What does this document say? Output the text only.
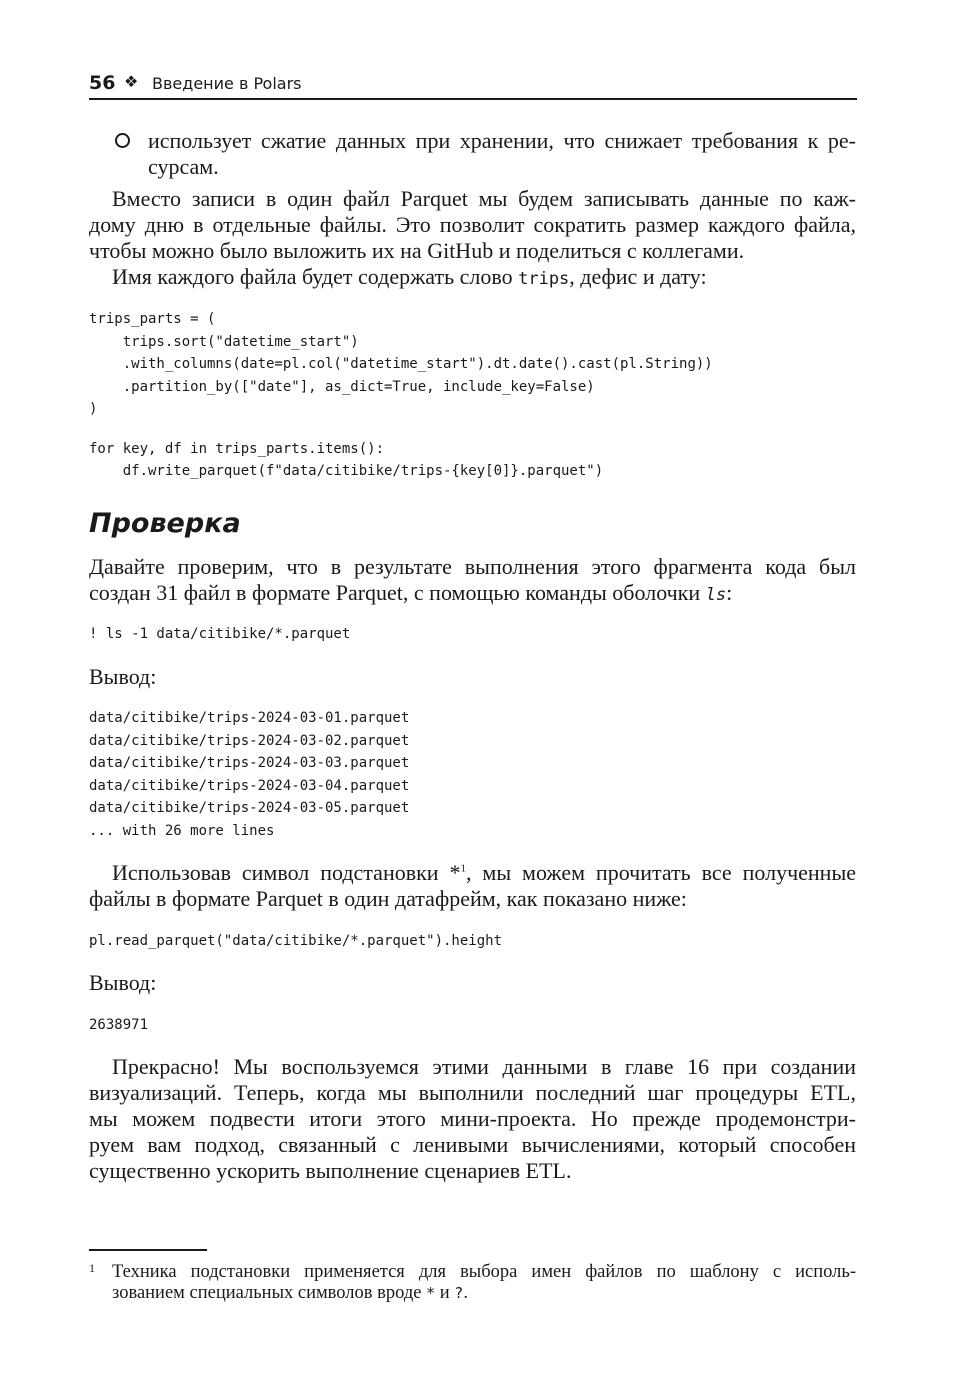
56 ❖ Введение в Polars
использует сжатие данных при хранении, что снижает требования к ре-
сурсам.
Вместо записи в один файл Parquet мы будем записывать данные по каж-
дому дню в отдельные файлы. Это позволит сократить размер каждого файла,
чтобы можно было выложить их на GitHub и поделиться с коллегами.
Имя каждого файла будет содержать слово trips, дефис и дату:
trips_parts = (
trips.sort("datetime_start")
.with_columns(date=pl.col("datetime_start").dt.date().cast(pl.String))
.partition_by(["date"], as_dict=True, include_key=False)
)
for key, df in trips_parts.items():
df.write_parquet(f"data/citibike/trips-{key[0]}.parquet")
Проверка
Давайте проверим, что в результате выполнения этого фрагмента кода был
создан 31 файл в формате Parquet, с помощью команды оболочки ls:
! ls -1 data/citibike/*.parquet
Вывод:
data/citibike/trips-2024-03-01.parquet
data/citibike/trips-2024-03-02.parquet
data/citibike/trips-2024-03-03.parquet
data/citibike/trips-2024-03-04.parquet
data/citibike/trips-2024-03-05.parquet
... with 26 more lines
Использовав символ подстановки *$^1$, мы можем прочитать все полученные
файлы в формате Parquet в один датафрейм, как показано ниже:
pl.read_parquet("data/citibike/*.parquet").height
Вывод:
2638971
Прекрасно! Мы воспользуемся этими данными в главе 16 при создании
визуализаций. Теперь, когда мы выполнили последний шаг процедуры ETL,
мы можем подвести итоги этого мини-проекта. Но прежде продемонстри-
руем вам подход, связанный с ленивыми вычислениями, который способен
существенно ускорить выполнение сценариев ETL.
1 Техника подстановки применяется для выбора имен файлов по шаблону с исполь-
зованием специальных символов вроде * и ?.
